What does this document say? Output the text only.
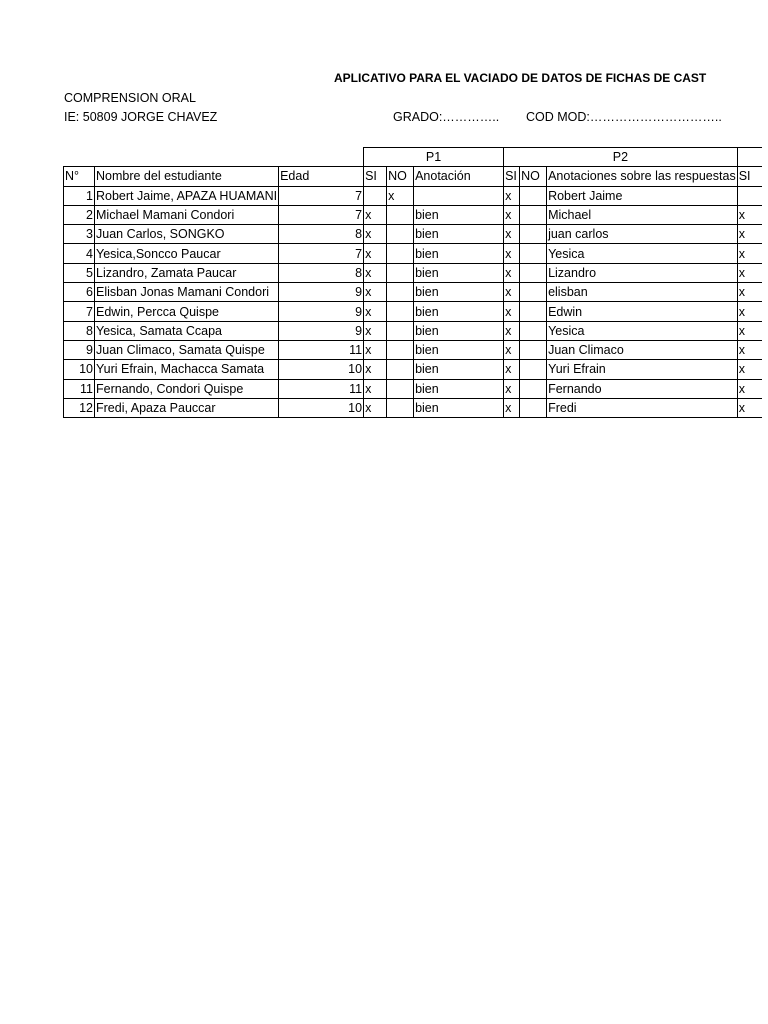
APLICATIVO PARA EL VACIADO DE DATOS DE FICHAS DE CAST
COMPRENSION ORAL
IE: 50809 JORGE CHAVEZ	GRADO:………….. COD MOD:…………………………..
			P1			P2			
N°	Nombre del estudiante	Edad	SI	NO	Anotación	SI	NO	Anotaciones sobre las respuestas	SI
1	Robert Jaime, APAZA HUAMANI	7		x		x		Robert Jaime	
2	Michael Mamani Condori	7	x		bien	x		Michael	x
3	Juan Carlos, SONGKO	8	x		bien	x		juan carlos	x
4	Yesica,Soncco Paucar	7	x		bien	x		Yesica	x
5	Lizandro, Zamata Paucar	8	x		bien	x		Lizandro	x
6	Elisban Jonas Mamani Condori	9	x		bien	x		elisban	x
7	Edwin, Percca Quispe	9	x		bien	x		Edwin	x
8	Yesica, Samata Ccapa	9	x		bien	x		Yesica	x
9	Juan Climaco, Samata Quispe	11	x		bien	x		Juan Climaco	x
10	Yuri Efrain, Machacca Samata	10	x		bien	x		Yuri Efrain	x
11	Fernando, Condori Quispe	11	x		bien	x		Fernando	x
12	Fredi, Apaza Pauccar	10	x		bien	x		Fredi	x
